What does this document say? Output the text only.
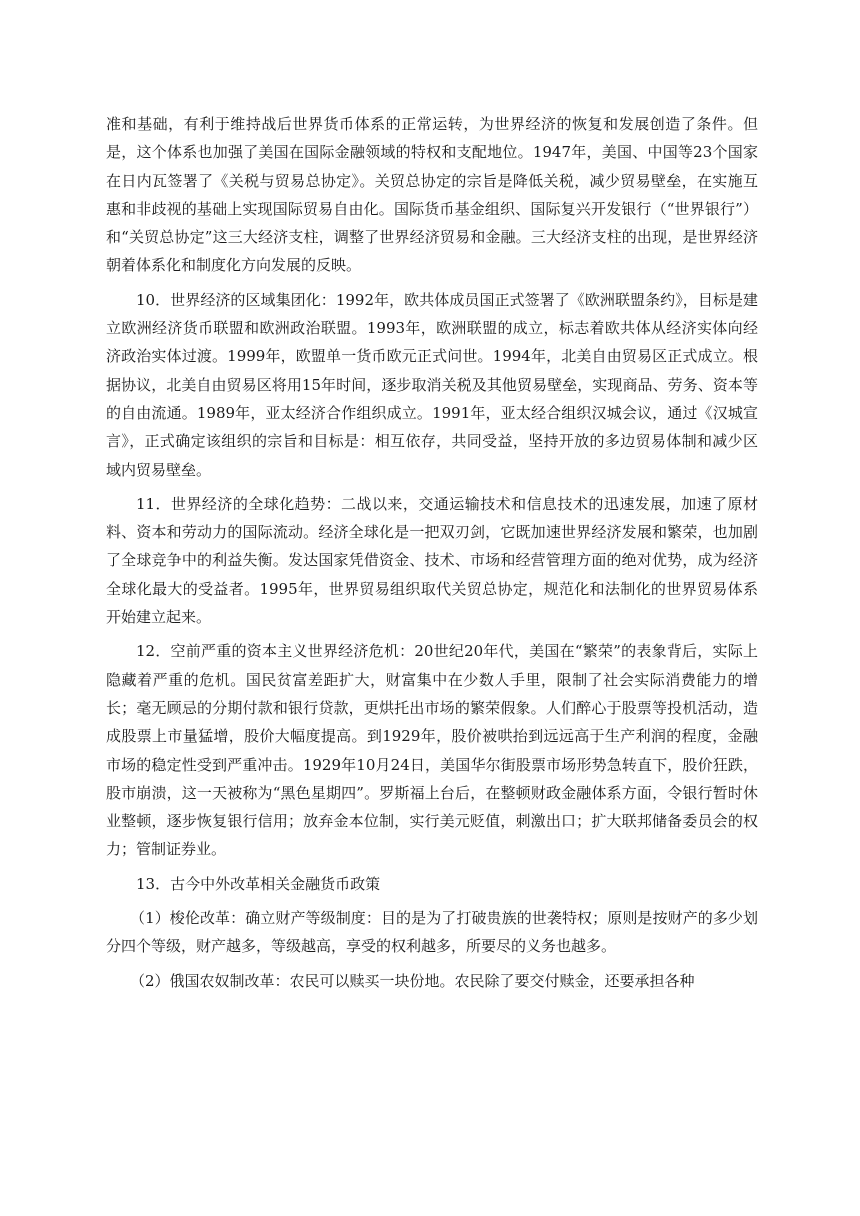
准和基础，有利于维持战后世界货币体系的正常运转，为世界经济的恢复和发展创造了条件。但是，这个体系也加强了美国在国际金融领域的特权和支配地位。1947年，美国、中国等23个国家在日内瓦签署了《关税与贸易总协定》。关贸总协定的宗旨是降低关税，减少贸易壁垒，在实施互惠和非歧视的基础上实现国际贸易自由化。国际货币基金组织、国际复兴开发银行（“世界银行”）和“关贸总协定”这三大经济支柱，调整了世界经济贸易和金融。三大经济支柱的出现，是世界经济朝着体系化和制度化方向发展的反映。

10．世界经济的区域集团化：1992年，欧共体成员国正式签署了《欧洲联盟条约》，目标是建立欧洲经济货币联盟和欧洲政治联盟。1993年，欧洲联盟的成立，标志着欧共体从经济实体向经济政治实体过渡。1999年，欧盟单一货币欧元正式问世。1994年，北美自由贸易区正式成立。根据协议，北美自由贸易区将用15年时间，逐步取消关税及其他贸易壁垒，实现商品、劳务、资本等的自由流通。1989年，亚太经济合作组织成立。1991年，亚太经合组织汉城会议，通过《汉城宣言》，正式确定该组织的宗旨和目标是：相互依存，共同受益，坚持开放的多边贸易体制和减少区域内贸易壁垒。

11．世界经济的全球化趋势：二战以来，交通运输技术和信息技术的迅速发展，加速了原材料、资本和劳动力的国际流动。经济全球化是一把双刃剑，它既加速世界经济发展和繁荣，也加剧了全球竞争中的利益失衡。发达国家凭借资金、技术、市场和经营管理方面的绝对优势，成为经济全球化最大的受益者。1995年，世界贸易组织取代关贸总协定，规范化和法制化的世界贸易体系开始建立起来。

12．空前严重的资本主义世界经济危机：20世纪20年代，美国在“繁荣”的表象背后，实际上隐藏着严重的危机。国民贫富差距扩大，财富集中在少数人手里，限制了社会实际消费能力的增长；毫无顾忌的分期付款和银行贷款，更烘托出市场的繁荣假象。人们醉心于股票等投机活动，造成股票上市量猛增，股价大幅度提高。到1929年，股价被哄抬到远远高于生产利润的程度，金融市场的稳定性受到严重冲击。1929年10月24日，美国华尔街股票市场形势急转直下，股价狂跌，股市崩溃，这一天被称为“黑色星期四”。罗斯福上台后，在整顿财政金融体系方面，令银行暂时休业整顿，逐步恢复银行信用；放弃金本位制，实行美元贬值，刺激出口；扩大联邦储备委员会的权力；管制证券业。

13．古今中外改革相关金融货币政策

（1）梭伦改革：确立财产等级制度：目的是为了打破贵族的世袭特权；原则是按财产的多少划分四个等级，财产越多，等级越高，享受的权利越多，所要尽的义务也越多。

（2）俄国农奴制改革：农民可以赎买一块份地。农民除了要交付赎金，还要承担各种
